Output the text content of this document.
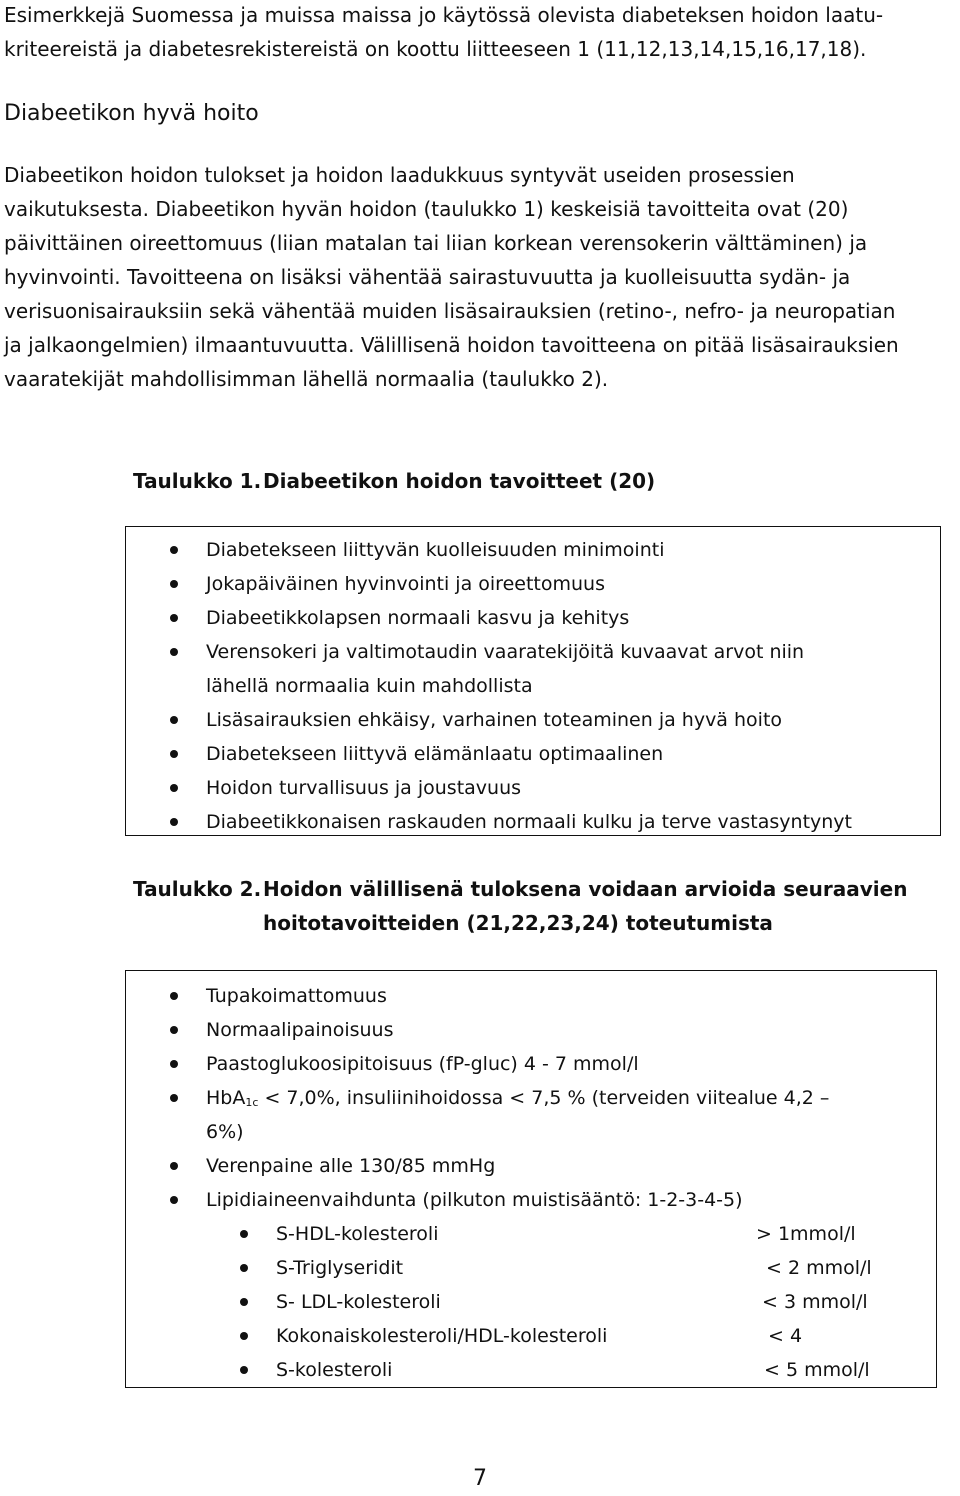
Esimerkkejä Suomessa ja muissa maissa jo käytössä olevista diabeteksen hoidon laatu-
kriteereistä ja diabetesrekistereistä on koottu liitteeseen 1 (11,12,13,14,15,16,17,18).
Diabeetikon hyvä hoito
Diabeetikon hoidon tulokset ja hoidon laadukkuus syntyvät useiden prosessien
vaikutuksesta. Diabeetikon hyvän hoidon (taulukko 1) keskeisiä tavoitteita ovat (20)
päivittäinen oireettomuus (liian matalan tai liian korkean verensokerin välttäminen) ja
hyvinvointi. Tavoitteena on lisäksi vähentää sairastuvuutta ja kuolleisuutta sydän- ja
verisuonisairauksiin sekä vähentää muiden lisäsairauksien (retino-, nefro- ja neuropatian
ja jalkaongelmien) ilmaantuvuutta. Välillisenä hoidon tavoitteena on pitää lisäsairauksien
vaaratekijät mahdollisimman lähellä normaalia (taulukko 2).
Taulukko 1. Diabeetikon hoidon tavoitteet (20)
Diabetekseen liittyvän kuolleisuuden minimointi
Jokapäiväinen hyvinvointi ja oireettomuus
Diabeetikkolapsen normaali kasvu ja kehitys
Verensokeri ja valtimotaudin vaaratekijöitä kuvaavat arvot niin
lähellä normaalia kuin mahdollista
Lisäsairauksien ehkäisy, varhainen toteaminen ja hyvä hoito
Diabetekseen liittyvä elämänlaatu optimaalinen
Hoidon turvallisuus ja joustavuus
Diabeetikkonaisen raskauden normaali kulku ja terve vastasyntynyt
Taulukko 2. Hoidon välillisenä tuloksena voidaan arvioida seuraavien
hoitotavoitteiden (21,22,23,24) toteutumista
Tupakoimattomuus
Normaalipainoisuus
Paastoglukoosipitoisuus (fP-gluc) 4 - 7 mmol/l
HbA$_{1c}$ < 7,0%, insuliinihoidossa < 7,5 % (terveiden viitealue 4,2 –
6%)
Verenpaine alle 130/85 mmHg
Lipidiaineenvaihdunta (pilkuton muistisääntö: 1-2-3-4-5)
S-HDL-kolesteroli	> 1mmol/l
S-Triglyseridit	< 2 mmol/l
S- LDL-kolesteroli	< 3 mmol/l
Kokonaiskolesteroli/HDL-kolesteroli	< 4
S-kolesteroli	< 5 mmol/l
7
